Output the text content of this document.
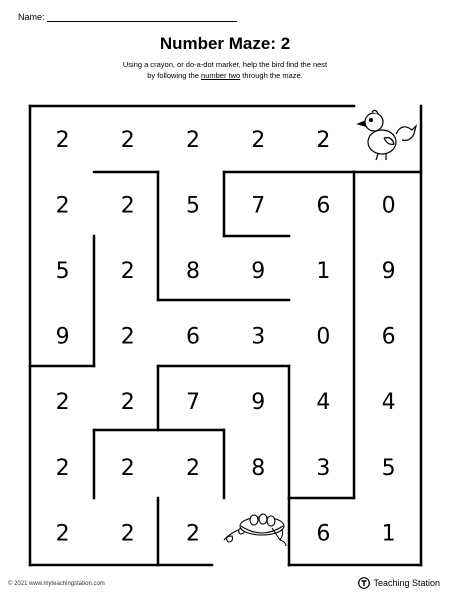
Name:
Number Maze: 2
Using a crayon, or do-a-dot marker, help the bird find the nest
by following the number two through the maze.
2 2 2 2 2
2 2 5 7 6 0
5 2 8 9 1 9
9 2 6 3 0 6
2 2 7 9 4 4
2 2 2 8 3 5
2 2 2	6 1
© 2021 www.myteachingstation.com	Teaching Station
